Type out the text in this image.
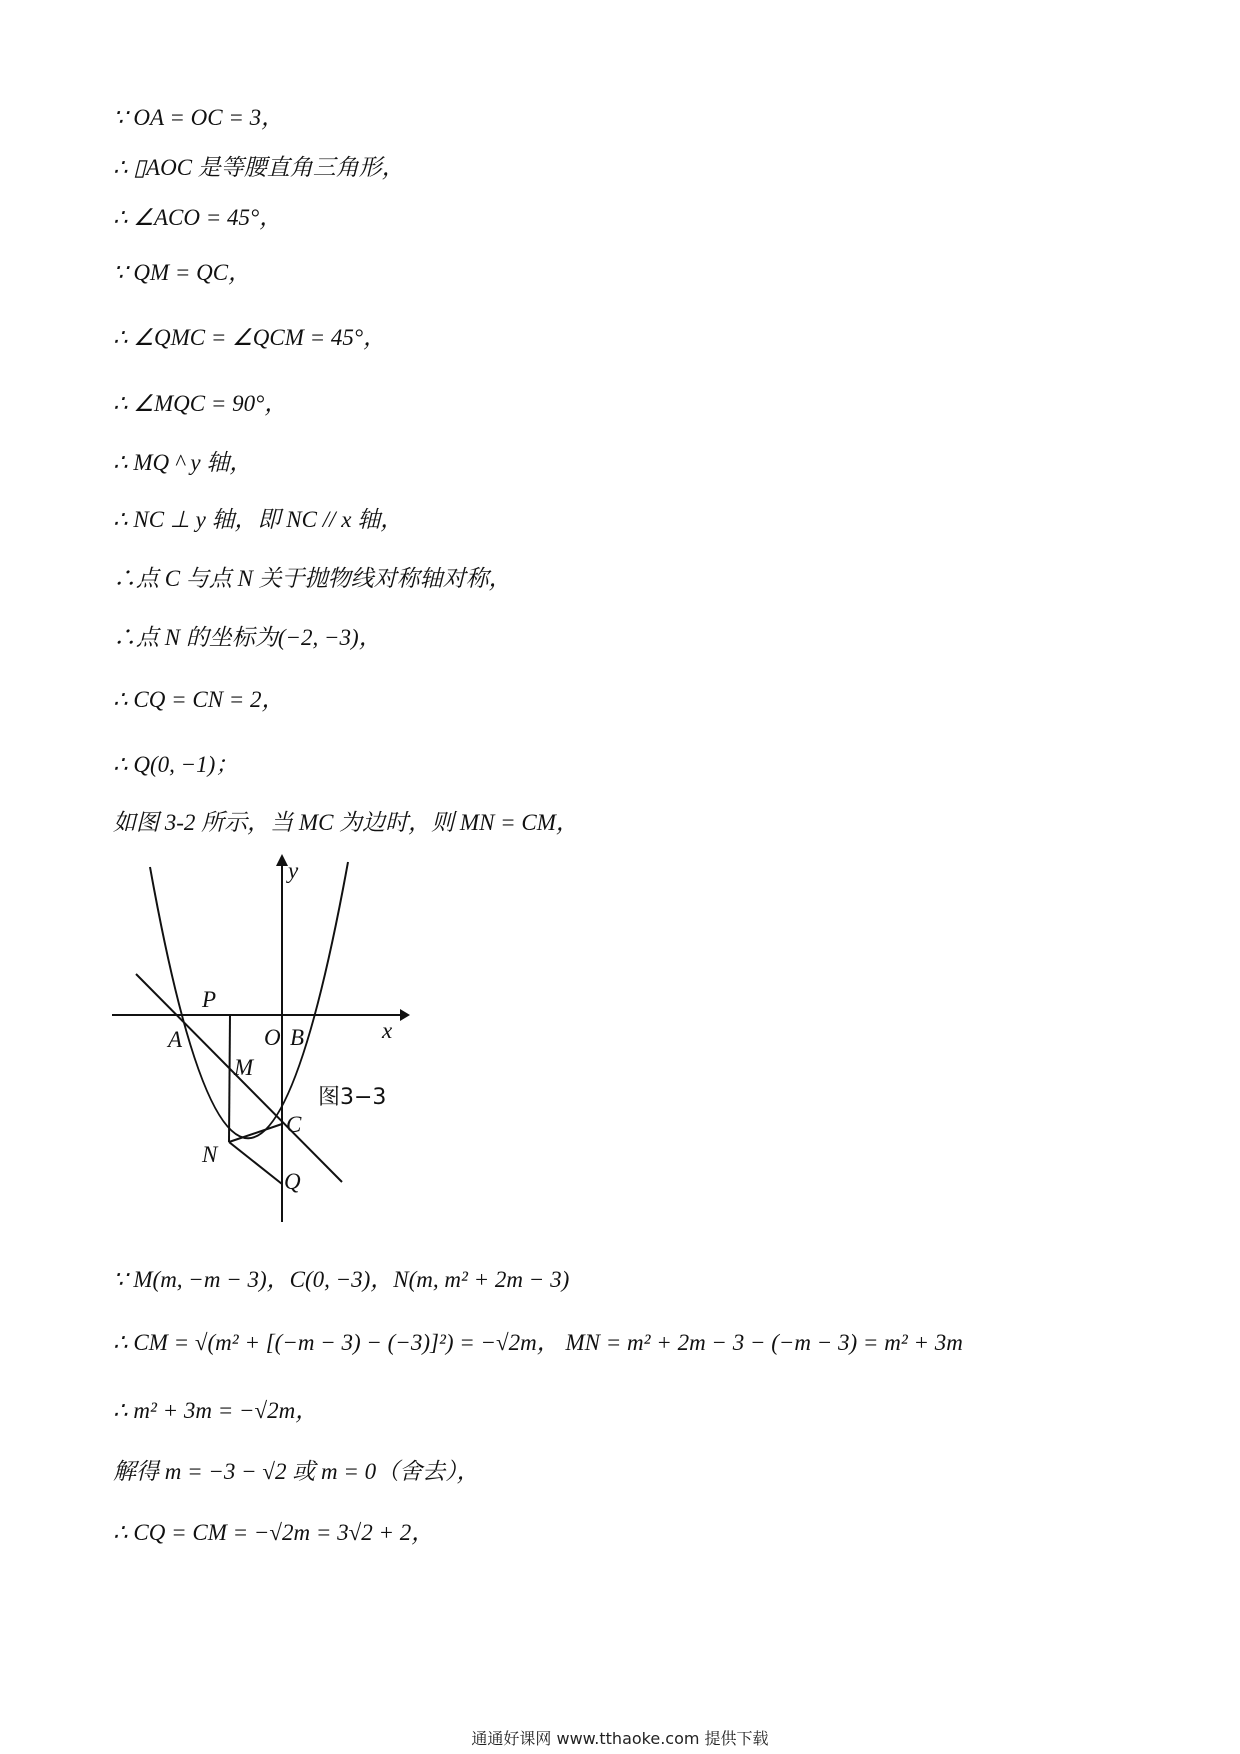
∵ OA = OC = 3，
∴ ▯AOC 是等腰直角三角形，
∴ ∠ACO = 45°，
∵ QM = QC，
∴ ∠QMC = ∠QCM = 45°，
∴ ∠MQC = 90°，
∴ MQ ^ y 轴，
∴ NC ⊥ y 轴，即 NC // x 轴，
∴点 C 与点 N 关于抛物线对称轴对称，
∴点 N 的坐标为(−2, −3)，
∴ CQ = CN = 2，
∴ Q(0, −1)；
如图 3-2 所示，当 MC 为边时，则 MN = CM，
y
x
A
P
O B
M
C
N
Q
图3−3
∵ M(m, −m − 3)，C(0, −3)，N(m, m² + 2m − 3)
∴ CM = √(m² + [(−m − 3) − (−3)]²) = −√2m， MN = m² + 2m − 3 − (−m − 3) = m² + 3m
∴ m² + 3m = −√2m，
解得 m = −3 − √2 或 m = 0（舍去），
∴ CQ = CM = −√2m = 3√2 + 2，
通通好课网 www.tthaoke.com 提供下载
